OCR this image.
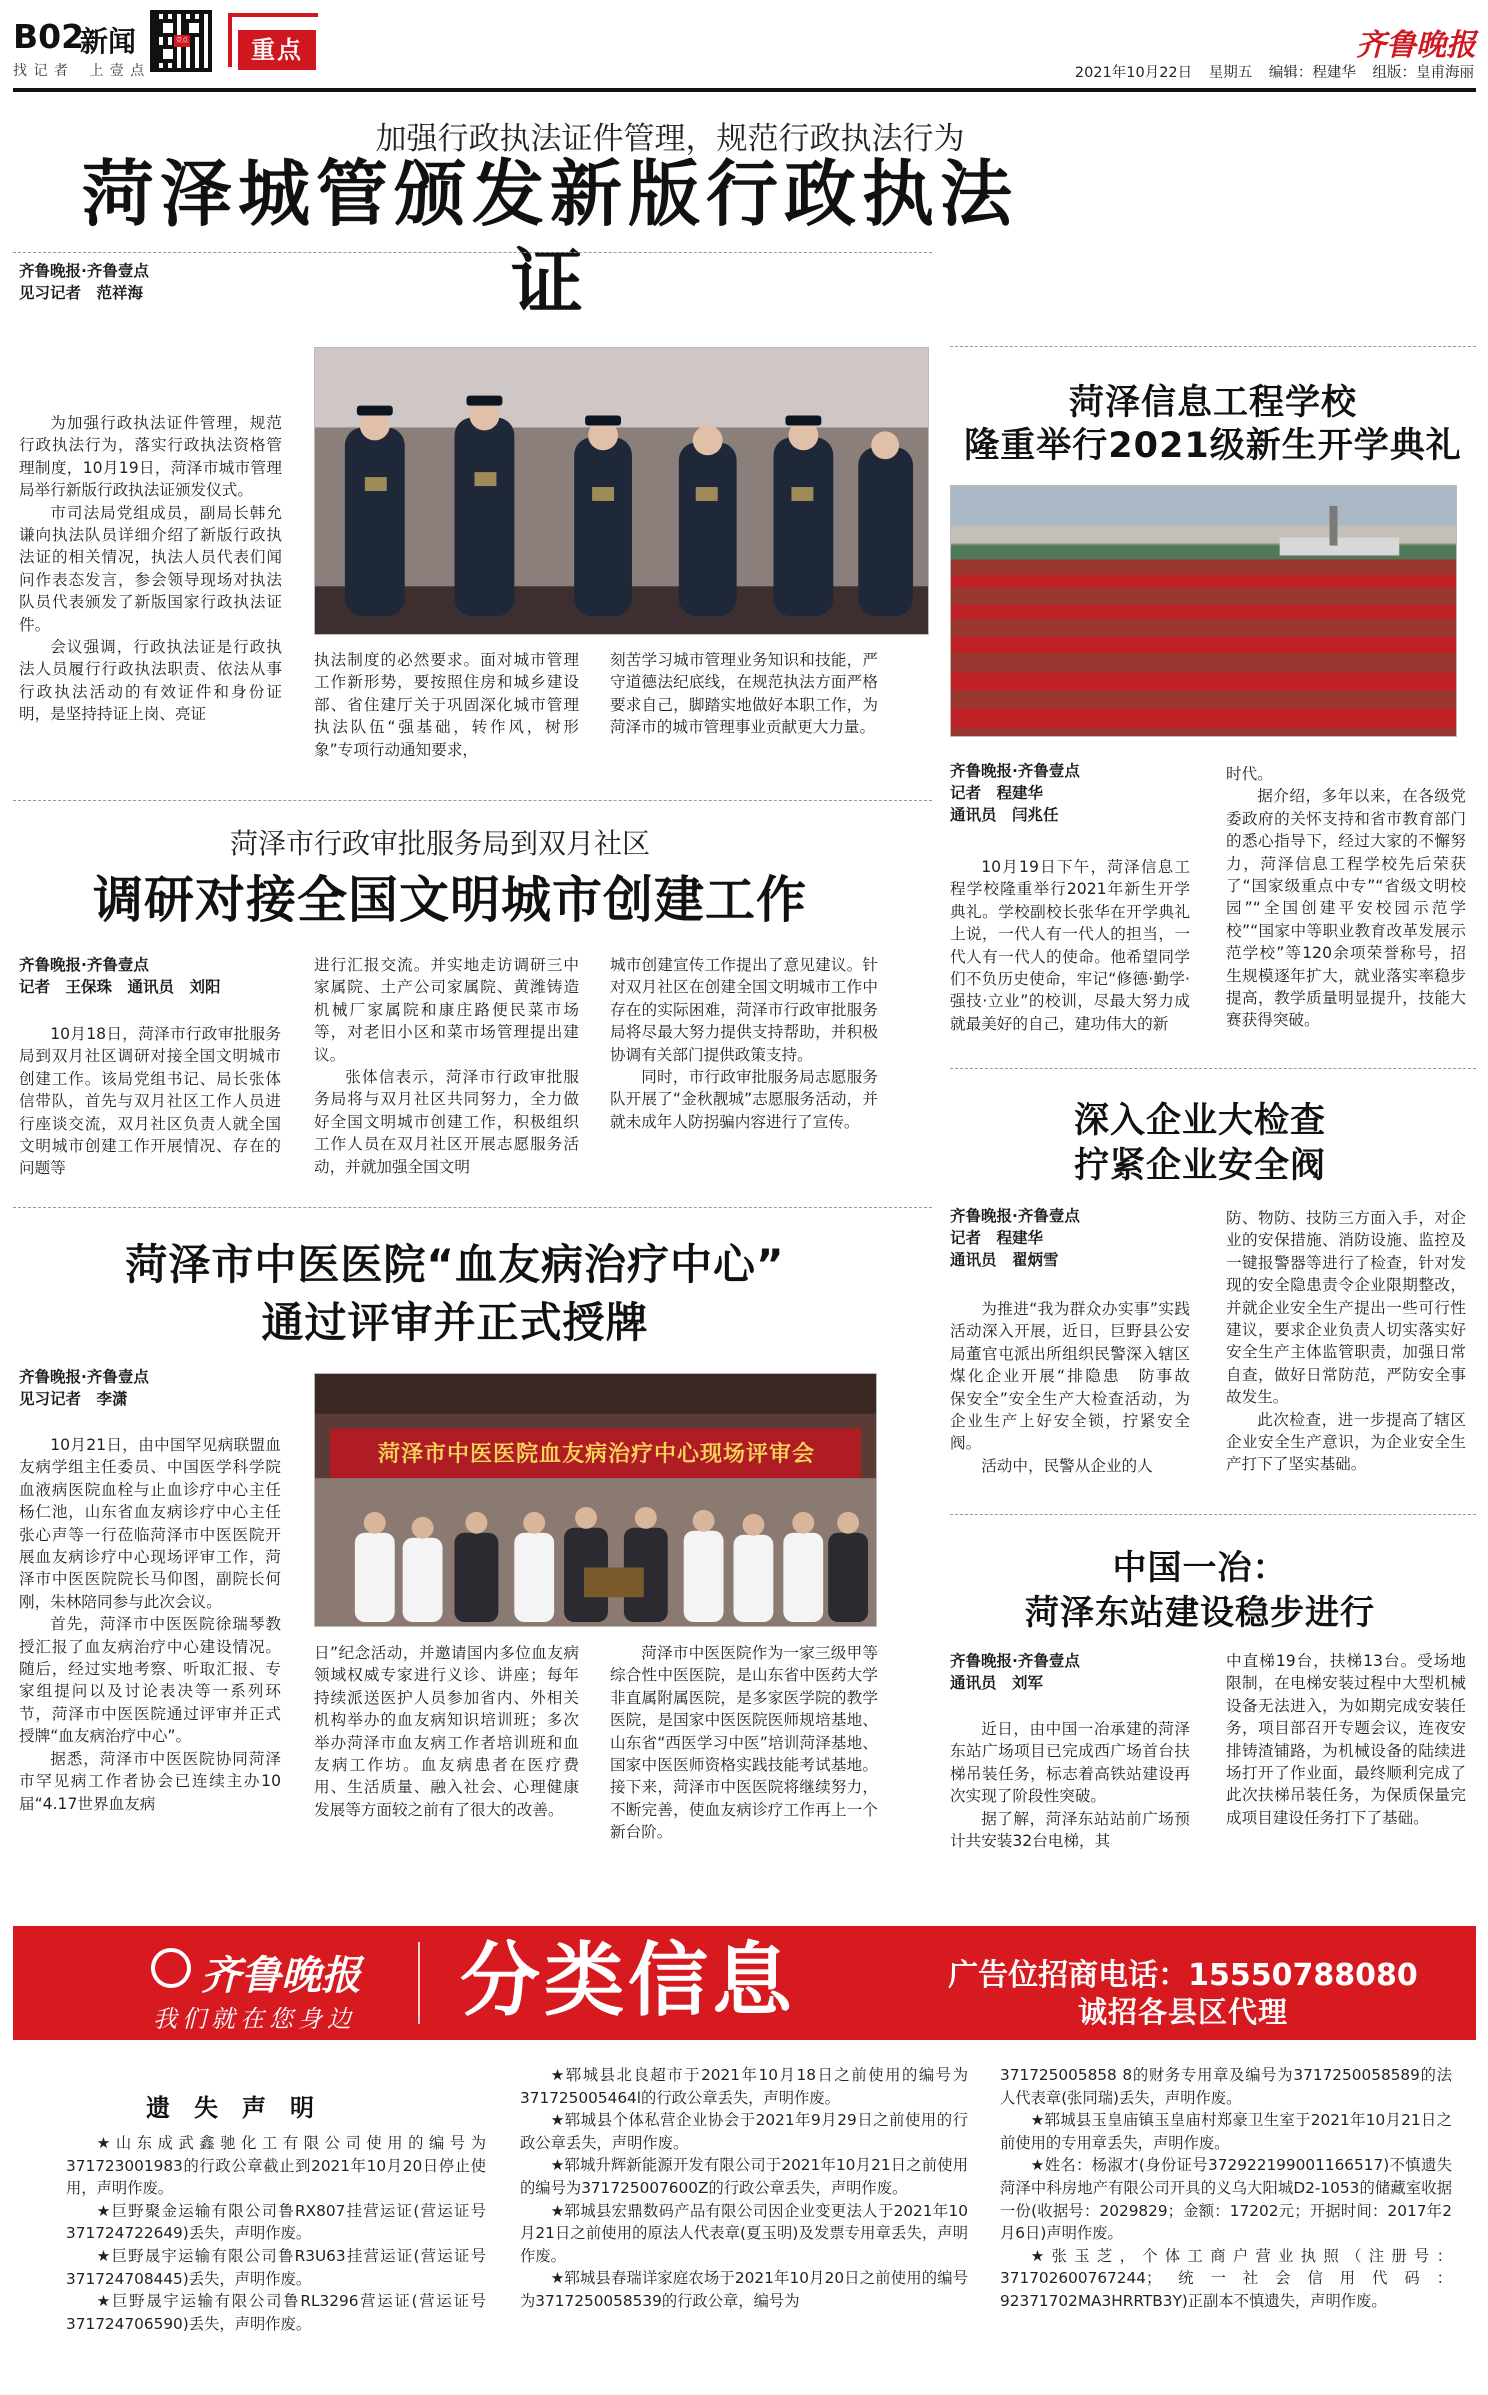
B02
新闻
找 记 者　 上 壹 点
壹点	重点	齐鲁晚报
2021年10月22日 星期五 编辑：程建华 组版：皇甫海丽
加强行政执法证件管理，规范行政执法行为
菏泽城管颁发新版行政执法证
齐鲁晚报·齐鲁壹点
见习记者　范祥海

为加强行政执法证件管理，规范行政执法行为，落实行政执法资格管理制度，10月19日，菏泽市城市管理局举行新版行政执法证颁发仪式。

市司法局党组成员，副局长韩允谦向执法队员详细介绍了新版行政执法证的相关情况，执法人员代表们闻问作表态发言，参会领导现场对执法队员代表颁发了新版国家行政执法证件。

会议强调，行政执法证是行政执法人员履行行政执法职责、依法从事行政执法活动的有效证件和身份证明，是坚持持证上岗、亮证

执法制度的必然要求。面对城市管理工作新形势，要按照住房和城乡建设部、省住建厅关于巩固深化城市管理执法队伍“强基础，转作风，树形象”专项行动通知要求，

刻苦学习城市管理业务知识和技能，严守道德法纪底线，在规范执法方面严格要求自己，脚踏实地做好本职工作，为菏泽市的城市管理事业贡献更大力量。

菏泽信息工程学校
隆重举行2021级新生开学典礼
齐鲁晚报·齐鲁壹点
记者　程建华
通讯员　闫兆任

10月19日下午，菏泽信息工程学校隆重举行2021年新生开学典礼。学校副校长张华在开学典礼上说，一代人有一代人的担当，一代人有一代人的使命。他希望同学们不负历史使命，牢记“修德·勤学·强技·立业”的校训，尽最大努力成就最美好的自己，建功伟大的新

时代。

据介绍，多年以来，在各级党委政府的关怀支持和省市教育部门的悉心指导下，经过大家的不懈努力，菏泽信息工程学校先后荣获了“国家级重点中专”“省级文明校园”“全国创建平安校园示范学校”“国家中等职业教育改革发展示范学校”等120余项荣誉称号，招生规模逐年扩大，就业落实率稳步提高，教学质量明显提升，技能大赛获得突破。

菏泽市行政审批服务局到双月社区
调研对接全国文明城市创建工作
齐鲁晚报·齐鲁壹点
记者　王保珠　通讯员　刘阳

10月18日，菏泽市行政审批服务局到双月社区调研对接全国文明城市创建工作。该局党组书记、局长张体信带队，首先与双月社区工作人员进行座谈交流，双月社区负责人就全国文明城市创建工作开展情况、存在的问题等

进行汇报交流。并实地走访调研三中家属院、土产公司家属院、黄潍铸造机械厂家属院和康庄路便民菜市场等，对老旧小区和菜市场管理提出建议。

张体信表示，菏泽市行政审批服务局将与双月社区共同努力，全力做好全国文明城市创建工作，积极组织工作人员在双月社区开展志愿服务活动，并就加强全国文明

城市创建宣传工作提出了意见建议。针对双月社区在创建全国文明城市工作中存在的实际困难，菏泽市行政审批服务局将尽最大努力提供支持帮助，并积极协调有关部门提供政策支持。

同时，市行政审批服务局志愿服务队开展了“金秋靓城”志愿服务活动，并就未成年人防拐骗内容进行了宣传。	深入企业大检查
拧紧企业安全阀
齐鲁晚报·齐鲁壹点
记者　程建华
通讯员　翟炳雪

为推进“我为群众办实事”实践活动深入开展，近日，巨野县公安局董官屯派出所组织民警深入辖区煤化企业开展“排隐患　防事故　保安全”安全生产大检查活动，为企业生产上好安全锁，拧紧安全阀。

活动中，民警从企业的人

防、物防、技防三方面入手，对企业的安保措施、消防设施、监控及一键报警器等进行了检查，针对发现的安全隐患责令企业限期整改，并就企业安全生产提出一些可行性建议，要求企业负责人切实落实好安全生产主体监管职责，加强日常自查，做好日常防范，严防安全事故发生。

此次检查，进一步提高了辖区企业安全生产意识，为企业安全生产打下了坚实基础。

菏泽市中医医院“血友病治疗中心”
通过评审并正式授牌
齐鲁晚报·齐鲁壹点
见习记者　李潇

10月21日，由中国罕见病联盟血友病学组主任委员、中国医学科学院血液病医院血栓与止血诊疗中心主任杨仁池，山东省血友病诊疗中心主任张心声等一行莅临菏泽市中医医院开展血友病诊疗中心现场评审工作，菏泽市中医医院院长马仰图，副院长何刚，朱林陪同参与此次会议。

首先，菏泽市中医医院徐瑞琴教授汇报了血友病治疗中心建设情况。随后，经过实地考察、听取汇报、专家组提问以及讨论表决等一系列环节，菏泽市中医医院通过评审并正式授牌“血友病治疗中心”。

据悉，菏泽市中医医院协同菏泽市罕见病工作者协会已连续主办10届“4.17世界血友病

菏泽市中医医院血友病治疗中心现场评审会

日”纪念活动，并邀请国内多位血友病领域权威专家进行义诊、讲座；每年持续派送医护人员参加省内、外相关机构举办的血友病知识培训班；多次举办菏泽市血友病工作者培训班和血友病工作坊。血友病患者在医疗费用、生活质量、融入社会、心理健康发展等方面较之前有了很大的改善。

菏泽市中医医院作为一家三级甲等综合性中医医院，是山东省中医药大学非直属附属医院，是多家医学院的教学医院，是国家中医医院医师规培基地、山东省“西医学习中医”培训菏泽基地、国家中医医师资格实践技能考试基地。接下来，菏泽市中医医院将继续努力，不断完善，使血友病诊疗工作再上一个新台阶。

中国一冶：
菏泽东站建设稳步进行
齐鲁晚报·齐鲁壹点
通讯员　刘军

近日，由中国一冶承建的菏泽东站广场项目已完成西广场首台扶梯吊装任务，标志着高铁站建设再次实现了阶段性突破。

据了解，菏泽东站站前广场预计共安装32台电梯，其

中直梯19台，扶梯13台。受场地限制，在电梯安装过程中大型机械设备无法进入，为如期完成安装任务，项目部召开专题会议，连夜安排铸渣铺路，为机械设备的陆续进场打开了作业面，最终顺利完成了此次扶梯吊装任务，为保质保量完成项目建设任务打下了基础。

齐鲁晚报
我们就在您身边 分类信息	广告位招商电话：15550788080
诚招各县区代理
遗　失　声　明

★山东成武鑫驰化工有限公司使用的编号为371723001983的行政公章截止到2021年10月20日停止使用，声明作废。

★巨野聚金运输有限公司鲁RX807挂营运证(营运证号371724722649)丢失，声明作废。

★巨野晟宇运输有限公司鲁R3U63挂营运证(营运证号371724708445)丢失，声明作废。

★巨野晟宇运输有限公司鲁RL3296营运证(营运证号371724706590)丢失，声明作废。

★郓城县北良超市于2021年10月18日之前使用的编号为371725005464l的行政公章丢失，声明作废。

★郓城县个体私营企业协会于2021年9月29日之前使用的行政公章丢失，声明作废。

★郓城升辉新能源开发有限公司于2021年10月21日之前使用的编号为371725007600Z的行政公章丢失，声明作废。

★郓城县宏鼎数码产品有限公司因企业变更法人于2021年10月21日之前使用的原法人代表章(夏玉明)及发票专用章丢失，声明作废。

★郓城县春瑞详家庭农场于2021年10月20日之前使用的编号为3717250058539的行政公章，编号为

371725005858 8的财务专用章及编号为3717250058589的法人代表章(张同瑞)丢失，声明作废。

★郓城县玉皇庙镇玉皇庙村郑豪卫生室于2021年10月21日之前使用的专用章丢失，声明作废。

★姓名：杨淑才(身份证号372922199001166517)不慎遗失菏泽中科房地产有限公司开具的义乌大阳城D2-1053的储藏室收据一份(收据号：2029829；金额：17202元；开据时间：2017年2月6日)声明作废。

★张玉芝，个体工商户营业执照（注册号：371702600767244；统一社会信用代码：92371702MA3HRRTB3Y)正副本不慎遗失，声明作废。
